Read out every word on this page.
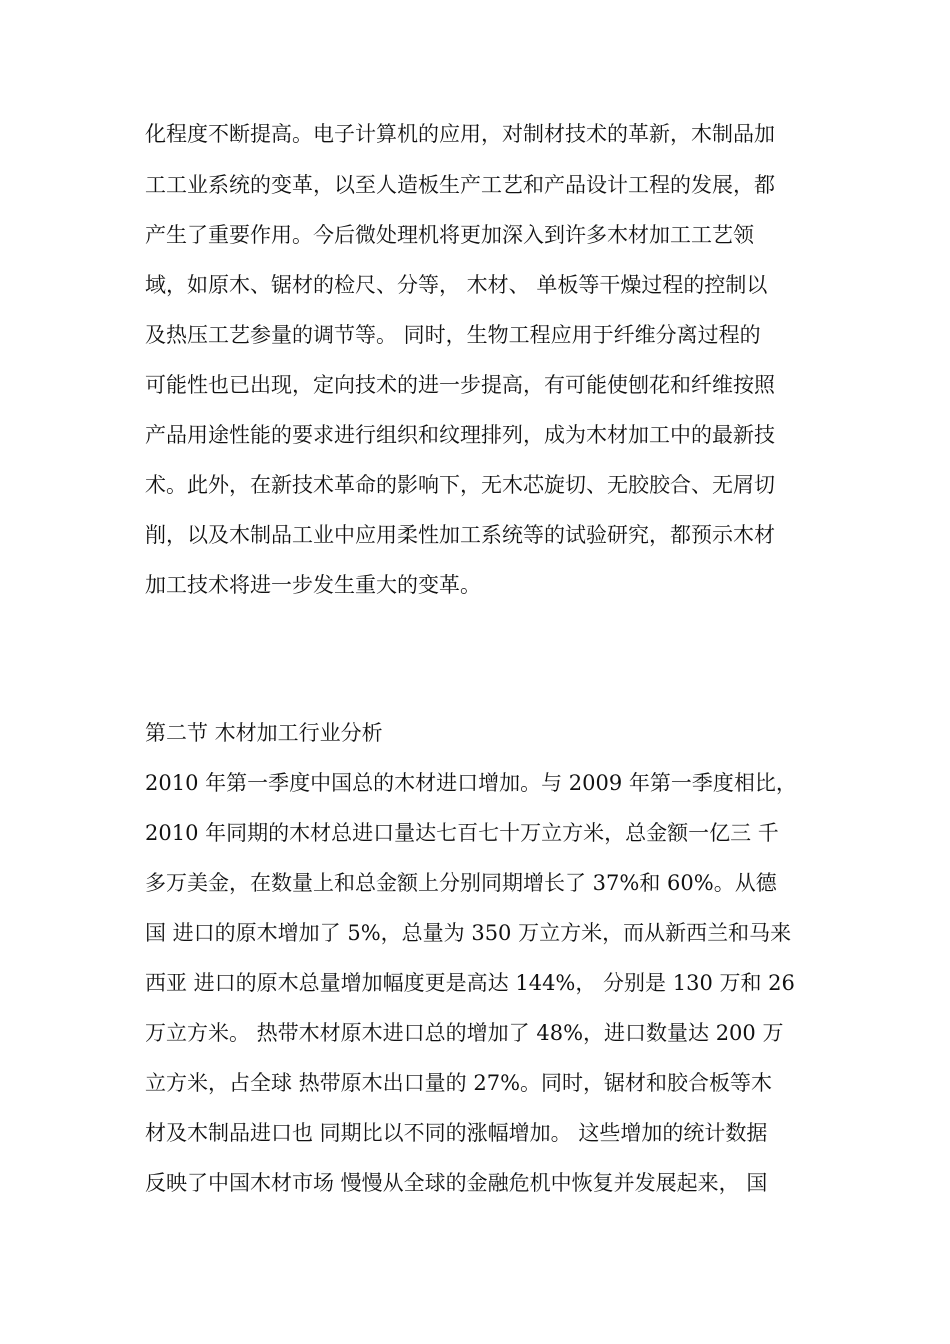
化程度不断提高。电子计算机的应用，对制材技术的革新，木制品加
工工业系统的变革，以至人造板生产工艺和产品设计工程的发展，都
产生了重要作用。今后微处理机将更加深入到许多木材加工工艺领
域，如原木、锯材的检尺、分等， 木材、 单板等干燥过程的控制以
及热压工艺参量的调节等。 同时，生物工程应用于纤维分离过程的
可能性也已出现，定向技术的进一步提高，有可能使刨花和纤维按照
产品用途性能的要求进行组织和纹理排列，成为木材加工中的最新技
术。此外，在新技术革命的影响下，无木芯旋切、无胶胶合、无屑切
削，以及木制品工业中应用柔性加工系统等的试验研究，都预示木材
加工技术将进一步发生重大的变革。
第二节 木材加工行业分析
2010 年第一季度中国总的木材进口增加。与 2009 年第一季度相比，
2010 年同期的木材总进口量达七百七十万立方米，总金额一亿三 千
多万美金，在数量上和总金额上分别同期增长了 37%和 60%。从德
国 进口的原木增加了 5%，总量为 350 万立方米，而从新西兰和马来
西亚 进口的原木总量增加幅度更是高达 144%， 分别是 130 万和 26
万立方米。 热带木材原木进口总的增加了 48%，进口数量达 200 万
立方米，占全球 热带原木出口量的 27%。同时，锯材和胶合板等木
材及木制品进口也 同期比以不同的涨幅增加。 这些增加的统计数据
反映了中国木材市场 慢慢从全球的金融危机中恢复并发展起来， 国
